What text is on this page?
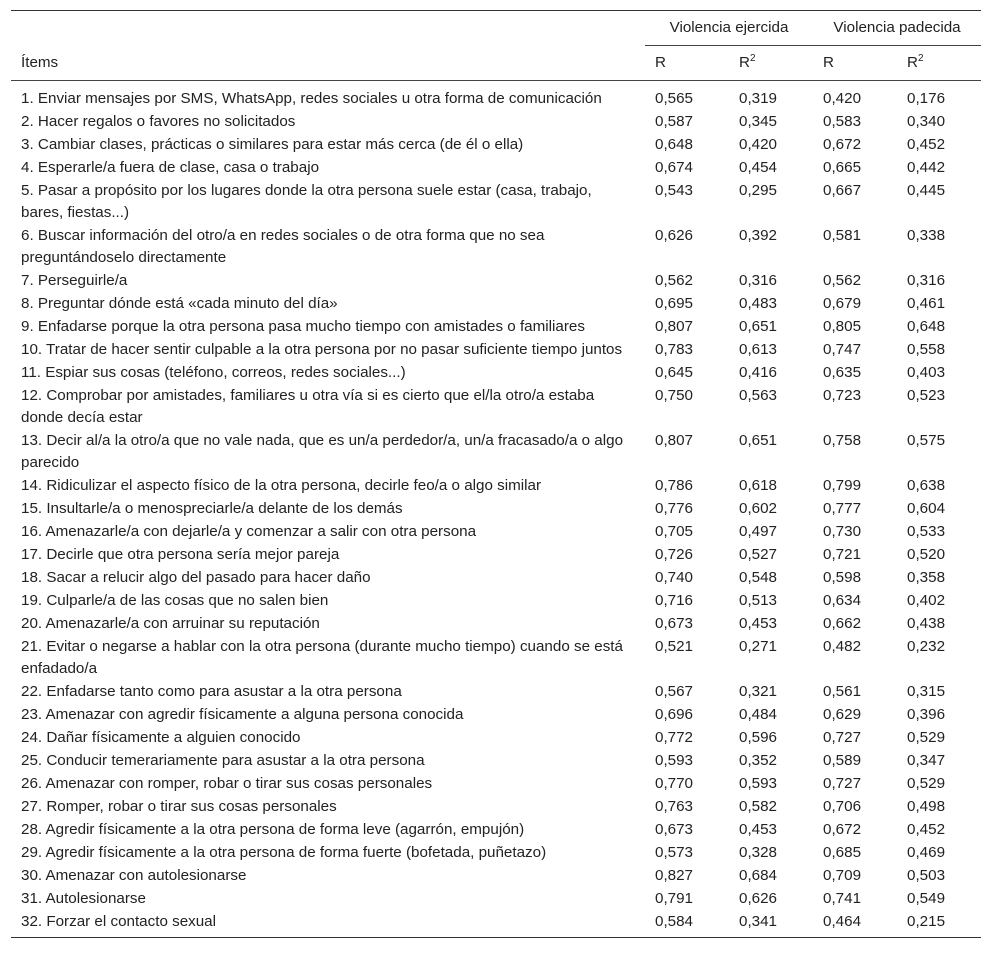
Ítems	Violencia ejercida		Violencia padecida	
	R	$R^2$	R	$R^2$
1. Enviar mensajes por SMS, WhatsApp, redes sociales u otra forma de comunicación	0,565	0,319	0,420	0,176
2. Hacer regalos o favores no solicitados	0,587	0,345	0,583	0,340
3. Cambiar clases, prácticas o similares para estar más cerca (de él o ella)	0,648	0,420	0,672	0,452
4. Esperarle/a fuera de clase, casa o trabajo	0,674	0,454	0,665	0,442
5. Pasar a propósito por los lugares donde la otra persona suele estar (casa, trabajo, bares, fiestas...)	0,543	0,295	0,667	0,445
6. Buscar información del otro/a en redes sociales o de otra forma que no sea preguntándoselo directamente	0,626	0,392	0,581	0,338
7. Perseguirle/a	0,562	0,316	0,562	0,316
8. Preguntar dónde está «cada minuto del día»	0,695	0,483	0,679	0,461
9. Enfadarse porque la otra persona pasa mucho tiempo con amistades o familiares	0,807	0,651	0,805	0,648
10. Tratar de hacer sentir culpable a la otra persona por no pasar suficiente tiempo juntos	0,783	0,613	0,747	0,558
11. Espiar sus cosas (teléfono, correos, redes sociales...)	0,645	0,416	0,635	0,403
12. Comprobar por amistades, familiares u otra vía si es cierto que el/la otro/a estaba donde decía estar	0,750	0,563	0,723	0,523
13. Decir al/a la otro/a que no vale nada, que es un/a perdedor/a, un/a fracasado/a o algo parecido	0,807	0,651	0,758	0,575
14. Ridiculizar el aspecto físico de la otra persona, decirle feo/a o algo similar	0,786	0,618	0,799	0,638
15. Insultarle/a o menospreciarle/a delante de los demás	0,776	0,602	0,777	0,604
16. Amenazarle/a con dejarle/a y comenzar a salir con otra persona	0,705	0,497	0,730	0,533
17. Decirle que otra persona sería mejor pareja	0,726	0,527	0,721	0,520
18. Sacar a relucir algo del pasado para hacer daño	0,740	0,548	0,598	0,358
19. Culparle/a de las cosas que no salen bien	0,716	0,513	0,634	0,402
20. Amenazarle/a con arruinar su reputación	0,673	0,453	0,662	0,438
21. Evitar o negarse a hablar con la otra persona (durante mucho tiempo) cuando se está enfadado/a	0,521	0,271	0,482	0,232
22. Enfadarse tanto como para asustar a la otra persona	0,567	0,321	0,561	0,315
23. Amenazar con agredir físicamente a alguna persona conocida	0,696	0,484	0,629	0,396
24. Dañar físicamente a alguien conocido	0,772	0,596	0,727	0,529
25. Conducir temerariamente para asustar a la otra persona	0,593	0,352	0,589	0,347
26. Amenazar con romper, robar o tirar sus cosas personales	0,770	0,593	0,727	0,529
27. Romper, robar o tirar sus cosas personales	0,763	0,582	0,706	0,498
28. Agredir físicamente a la otra persona de forma leve (agarrón, empujón)	0,673	0,453	0,672	0,452
29. Agredir físicamente a la otra persona de forma fuerte (bofetada, puñetazo)	0,573	0,328	0,685	0,469
30. Amenazar con autolesionarse	0,827	0,684	0,709	0,503
31. Autolesionarse	0,791	0,626	0,741	0,549
32. Forzar el contacto sexual	0,584	0,341	0,464	0,215
